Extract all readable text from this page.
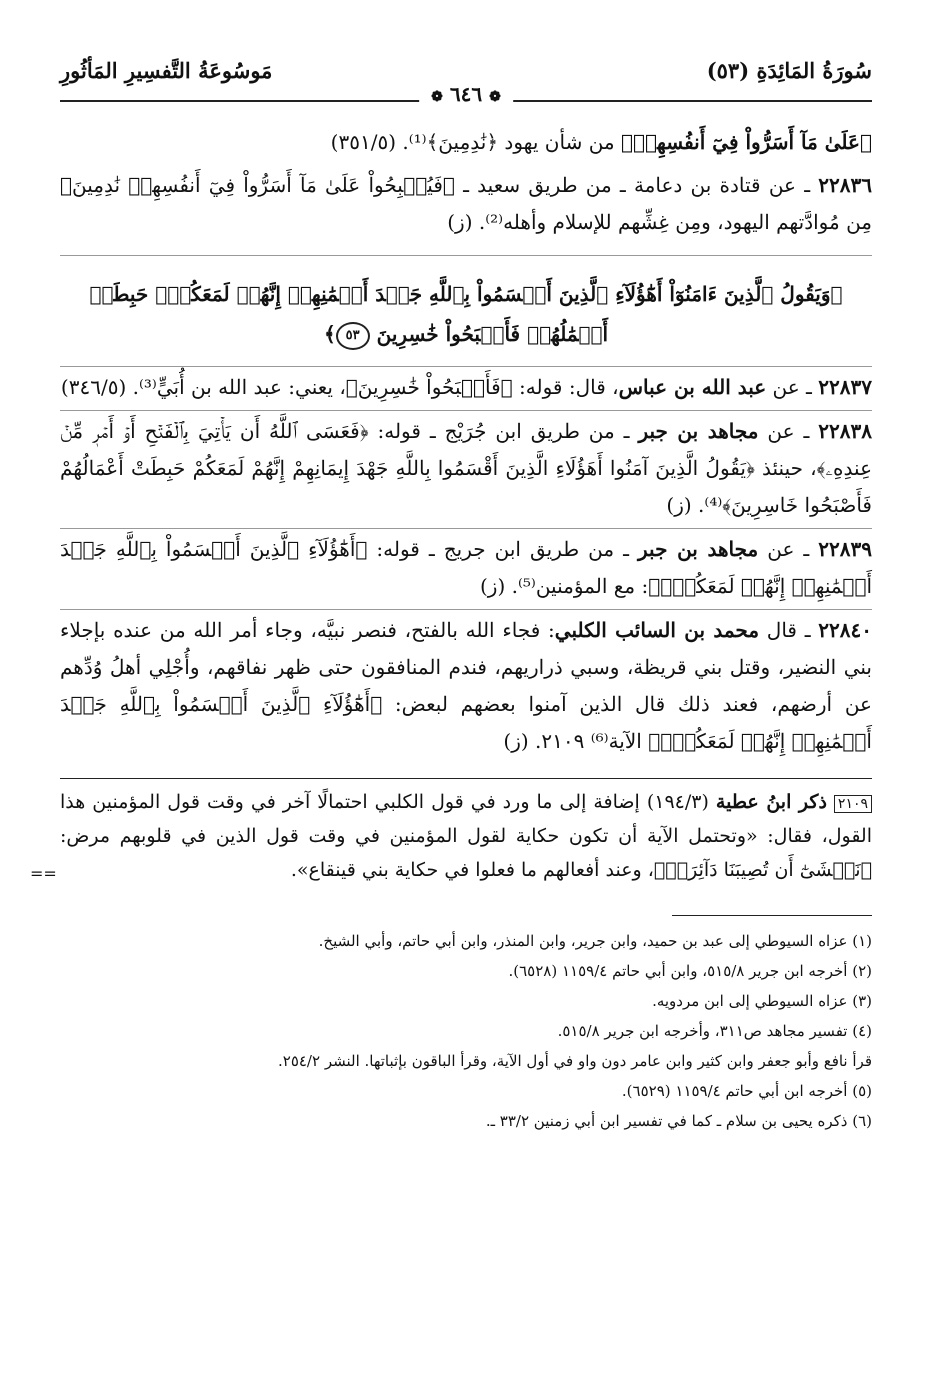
سُورَةُ المَائِدَةِ (٥٣)
مَوسُوعَةُ التَّفسِيرِ المَأثُورِ
❁ ٦٤٦ ❁

﴿عَلَىٰ مَآ أَسَرُّواْ فِيٓ أَنفُسِهِمۡ﴾ من شأن يهود ﴿نَٰدِمِينَ﴾⁽¹⁾. (٣٥١/٥)

٢٢٨٣٦ ـ عن قتادة بن دعامة ـ من طريق سعيد ـ ﴿فَيُصۡبِحُواْ عَلَىٰ مَآ أَسَرُّواْ فِيٓ أَنفُسِهِمۡ نَٰدِمِينَ﴾ مِن مُوادَّتهم اليهود، ومِن غِشِّهم للإسلام وأهله⁽²⁾. (ز)

﴿وَيَقُولُ ٱلَّذِينَ ءَامَنُوٓاْ أَهَٰٓؤُلَآءِ ٱلَّذِينَ أَقۡسَمُواْ بِٱللَّهِ جَهۡدَ أَيۡمَٰنِهِمۡ إِنَّهُمۡ لَمَعَكُمۡۚ حَبِطَتۡ أَعۡمَٰلُهُمۡ فَأَصۡبَحُواْ خَٰسِرِينَ ٥٣﴾

٢٢٨٣٧ ـ عن عبد الله بن عباس، قال: قوله: ﴿فَأَصۡبَحُواْ خَٰسِرِينَ﴾، يعني: عبد الله بن أُبَيٍّ⁽³⁾. (٣٤٦/٥)

٢٢٨٣٨ ـ عن مجاهد بن جبر ـ من طريق ابن جُرَيْج ـ قوله: ﴿فَعَسَى ٱللَّهُ أَن يَأۡتِيَ بِٱلۡفَتۡحِ أَوۡ أَمۡرٖ مِّنۡ عِندِهِۦ﴾، حينئذ ﴿يَقُولُ الَّذِينَ آمَنُوا أَهَؤُلَاءِ الَّذِينَ أَقْسَمُوا بِاللَّهِ جَهْدَ إِيمَانِهِمْ إِنَّهُمْ لَمَعَكُمْ حَبِطَتْ أَعْمَالُهُمْ فَأَصْبَحُوا خَاسِرِينَ﴾⁽⁴⁾. (ز)

٢٢٨٣٩ ـ عن مجاهد بن جبر ـ من طريق ابن جريج ـ قوله: ﴿أَهَٰٓؤُلَآءِ ٱلَّذِينَ أَقۡسَمُواْ بِٱللَّهِ جَهۡدَ أَيۡمَٰنِهِمۡ إِنَّهُمۡ لَمَعَكُمۡۚ﴾: مع المؤمنين⁽⁵⁾. (ز)

٢٢٨٤٠ ـ قال محمد بن السائب الكلبي: فجاء الله بالفتح، فنصر نبيَّه، وجاء أمر الله من عنده بإجلاء بني النضير، وقتل بني قريظة، وسبي ذراريهم، فندم المنافقون حتى ظهر نفاقهم، وأُجْلِي أهلُ وُدِّهم عن أرضهم، فعند ذلك قال الذين آمنوا بعضهم لبعض: ﴿أَهَٰٓؤُلَآءِ ٱلَّذِينَ أَقۡسَمُواْ بِٱللَّهِ جَهۡدَ أَيۡمَٰنِهِمۡ إِنَّهُمۡ لَمَعَكُمۡۚ﴾ الآية⁽⁶⁾ ٢١٠٩. (ز)

٢١٠٩ ذكر ابنُ عطية (١٩٤/٣) إضافة إلى ما ورد في قول الكلبي احتمالًا آخر في وقت قول المؤمنين هذا القول، فقال: «وتحتمل الآية أن تكون حكاية لقول المؤمنين في وقت قول الذين في قلوبهم مرض: ﴿نَخۡشَىٰٓ أَن تُصِيبَنَا دَآئِرَةٞ﴾، وعند أفعالهم ما فعلوا في حكاية بني قينقاع».
==

(١) عزاه السيوطي إلى عبد بن حميد، وابن جرير، وابن المنذر، وابن أبي حاتم، وأبي الشيخ.

(٢) أخرجه ابن جرير ٥١٥/٨، وابن أبي حاتم ١١٥٩/٤ (٦٥٢٨).

(٣) عزاه السيوطي إلى ابن مردويه.

(٤) تفسير مجاهد ص٣١١، وأخرجه ابن جرير ٥١٥/٨.

قرأ نافع وأبو جعفر وابن كثير وابن عامر دون واو في أول الآية، وقرأ الباقون بإثباتها. النشر ٢٥٤/٢.

(٥) أخرجه ابن أبي حاتم ١١٥٩/٤ (٦٥٢٩).

(٦) ذكره يحيى بن سلام ـ كما في تفسير ابن أبي زمنين ٣٣/٢ ـ.
